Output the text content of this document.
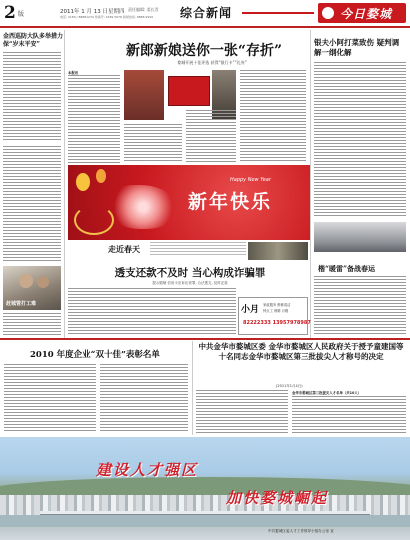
2 版	2011年 1 月 13 日 星期四 责任编辑: 姜长青
电话: 2189 / 88881234 传真号: 2189 5678 新闻热线: 8888 9999 综合新闻	今日婺城
金西巡防大队多举措力保“岁末平安”
赶城管打工难
新郎新娘送你一张“存折”
婺城开展十佳评选 获得“银行卡”“礼券”
本报讯
银夫小阿打菜致伤 疑判调解一纲化解
新年快乐
Happy New Year
走近春天
楷“暖雷”备战春运
透支还款不及时 当心构成诈骗罪
提示婚姻 信用卡应诉讼者罪, 合法透支, 及时还款
小月 家政服务 维修清洁
钟点工 保姆 月嫂
82222333 13957978987
2010 年度企业“双十佳”表彰名单
中共金华市婺城区委 金华市婺城区人民政府关于授予童建国等十名同志金华市婺城区第三批拔尖人才称号的决定
(2011年1月4日)
金华市婺城区第三批拔尖人才名单（共10人）
建设人才强区
加快婺城崛起
中共婺城区委人才工作领导小组办公室 宣
